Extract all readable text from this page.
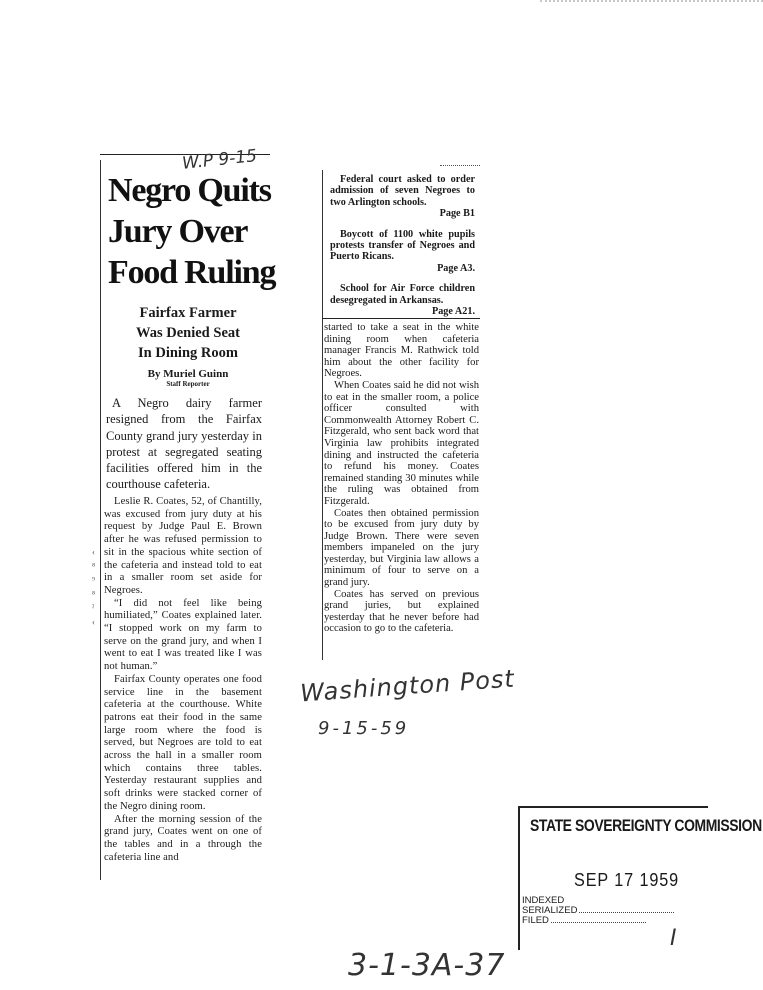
W.P 9-15
Negro Quits
Jury Over
Food Ruling
Fairfax Farmer
Was Denied Seat
In Dining Room
By Muriel Guinn
Staff Reporter

A Negro dairy farmer resigned from the Fairfax County grand jury yesterday in protest at segregated seating facilities offered him in the courthouse cafeteria.

Leslie R. Coates, 52, of Chantilly, was excused from jury duty at his request by Judge Paul E. Brown after he was refused permission to sit in the spacious white section of the cafeteria and instead told to eat in a smaller room set aside for Negroes.

“I did not feel like being humiliated,” Coates explained later. “I stopped work on my farm to serve on the grand jury, and when I went to eat I was treated like I was not human.”

Fairfax County operates one food service line in the basement cafeteria at the courthouse. White patrons eat their food in the same large room where the food is served, but Negroes are told to eat across the hall in a smaller room which contains three tables. Yesterday restaurant supplies and soft drinks were stacked corner of the Negro dining room.

After the morning session of the grand jury, Coates went on one of the tables and in a through the cafeteria line and

‹
⁸
⁹
⁸
ˀ
‹
Federal court asked to order admission of seven Negroes to two Arlington schools.
Page B1
Boycott of 1100 white pupils protests transfer of Negroes and Puerto Ricans.
Page A3.
School for Air Force children desegregated in Arkansas.
Page A21.

started to take a seat in the white dining room when cafeteria manager Francis M. Rathwick told him about the other facility for Negroes.

When Coates said he did not wish to eat in the smaller room, a police officer consulted with Commonwealth Attorney Robert C. Fitzgerald, who sent back word that Virginia law prohibits integrated dining and instructed the cafeteria to refund his money. Coates remained standing 30 minutes while the ruling was obtained from Fitzgerald.

Coates then obtained permission to be excused from jury duty by Judge Brown. There were seven members impaneled on the jury yesterday, but Virginia law allows a minimum of four to serve on a grand jury.

Coates has served on previous grand juries, but explained yesterday that he never before had occasion to go to the cafeteria.

Washington Post
9-15-59
STATE SOVEREIGNTY COMMISSION
SEP 17 1959
INDEXED
SERIALIZED
FILED
I
3-1-3A-37
